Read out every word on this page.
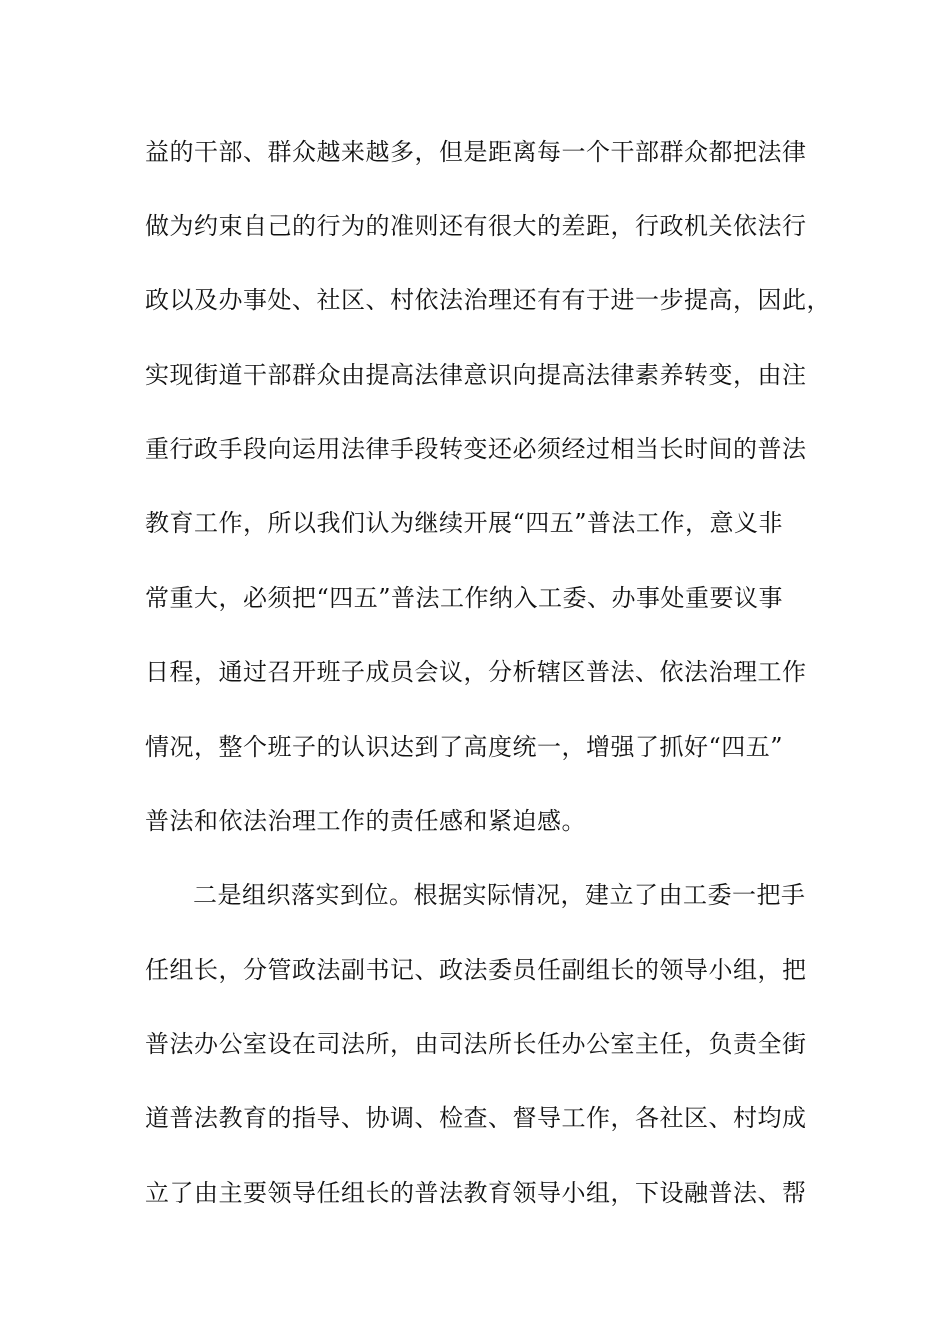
益的干部、群众越来越多，但是距离每一个干部群众都把法律
做为约束自己的行为的准则还有很大的差距，行政机关依法行
政以及办事处、社区、村依法治理还有有于进一步提高，因此，
实现街道干部群众由提高法律意识向提高法律素养转变，由注
重行政手段向运用法律手段转变还必须经过相当长时间的普法
教育工作，所以我们认为继续开展“四五”普法工作，意义非
常重大，必须把“四五”普法工作纳入工委、办事处重要议事
日程，通过召开班子成员会议，分析辖区普法、依法治理工作
情况，整个班子的认识达到了高度统一，增强了抓好“四五”
普法和依法治理工作的责任感和紧迫感。
二是组织落实到位。根据实际情况，建立了由工委一把手
任组长，分管政法副书记、政法委员任副组长的领导小组，把
普法办公室设在司法所，由司法所长任办公室主任，负责全街
道普法教育的指导、协调、检查、督导工作，各社区、村均成
立了由主要领导任组长的普法教育领导小组，下设融普法、帮
